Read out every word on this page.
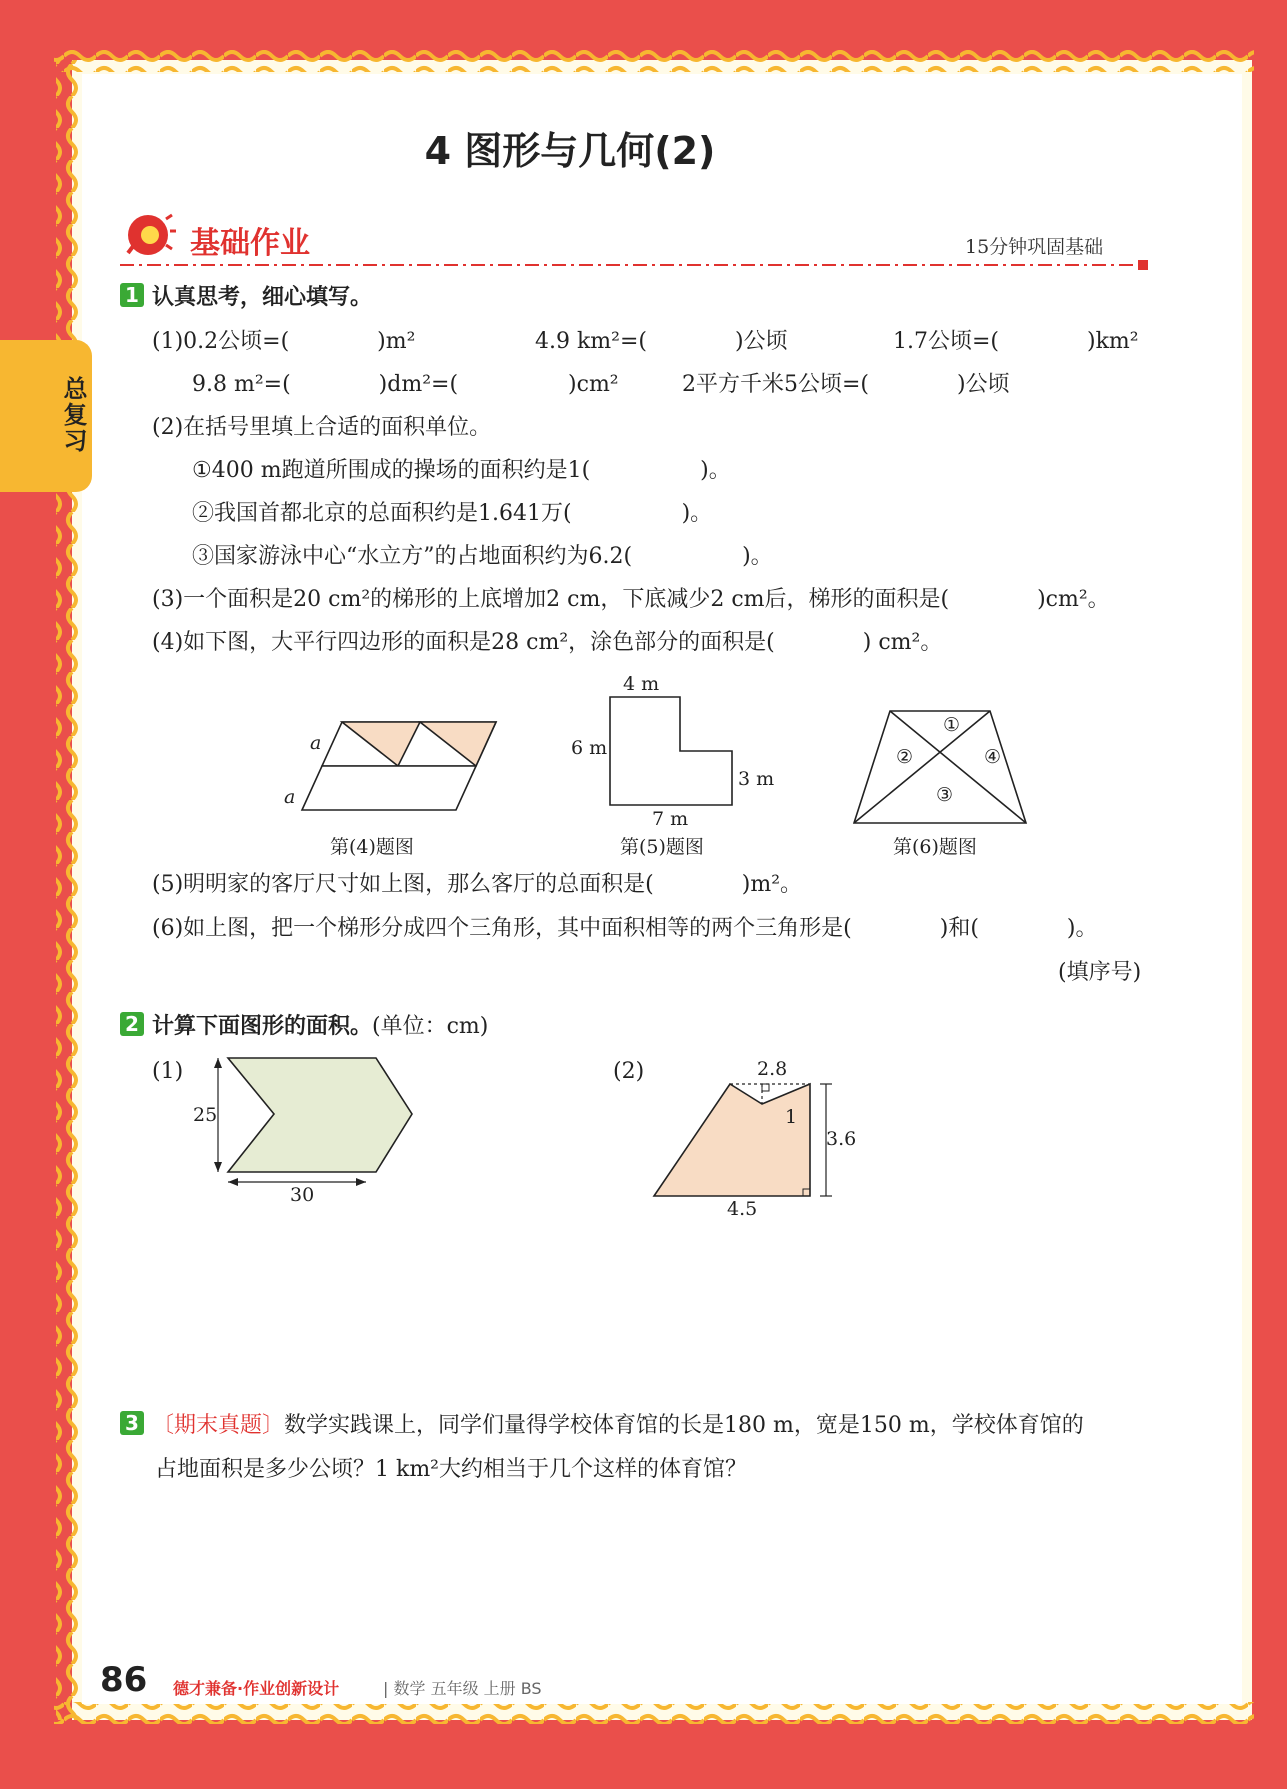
总复习
4 图形与几何(2)
基础作业	15分钟巩固基础
1 认真思考，细心填写。
(1)0.2公顷=(　　　　)m²	4.9 km²=(　　　　)公顷	1.7公顷=(　　　　)km²
9.8 m²=(　　　　)dm²=(　　　　　)cm²	2平方千米5公顷=(　　　　)公顷
(2)在括号里填上合适的面积单位。
①400 m跑道所围成的操场的面积约是1(　　　　　)。
②我国首都北京的总面积约是1.641万(　　　　　)。
③国家游泳中心“水立方”的占地面积约为6.2(　　　　　)。
(3)一个面积是20 cm²的梯形的上底增加2 cm，下底减少2 cm后，梯形的面积是(　　　　)cm²。
(4)如下图，大平行四边形的面积是28 cm²，涂色部分的面积是(　　　　) cm²。
a
a
第(4)题图
4 m
6 m
3 m
7 m
第(5)题图
①
②	④
③
第(6)题图
(5)明明家的客厅尺寸如上图，那么客厅的总面积是(　　　　)m²。
(6)如上图，把一个梯形分成四个三角形，其中面积相等的两个三角形是(　　　　)和(　　　　)。
(填序号)
2 计算下面图形的面积。(单位：cm)
(1)
25
30
(2)	2.8
1
3.6
4.5
3 〔期末真题〕数学实践课上，同学们量得学校体育馆的长是180 m，宽是150 m，学校体育馆的
占地面积是多少公顷？1 km²大约相当于几个这样的体育馆？
86 德才兼备·作业创新设计	| 数学 五年级 上册 BS
